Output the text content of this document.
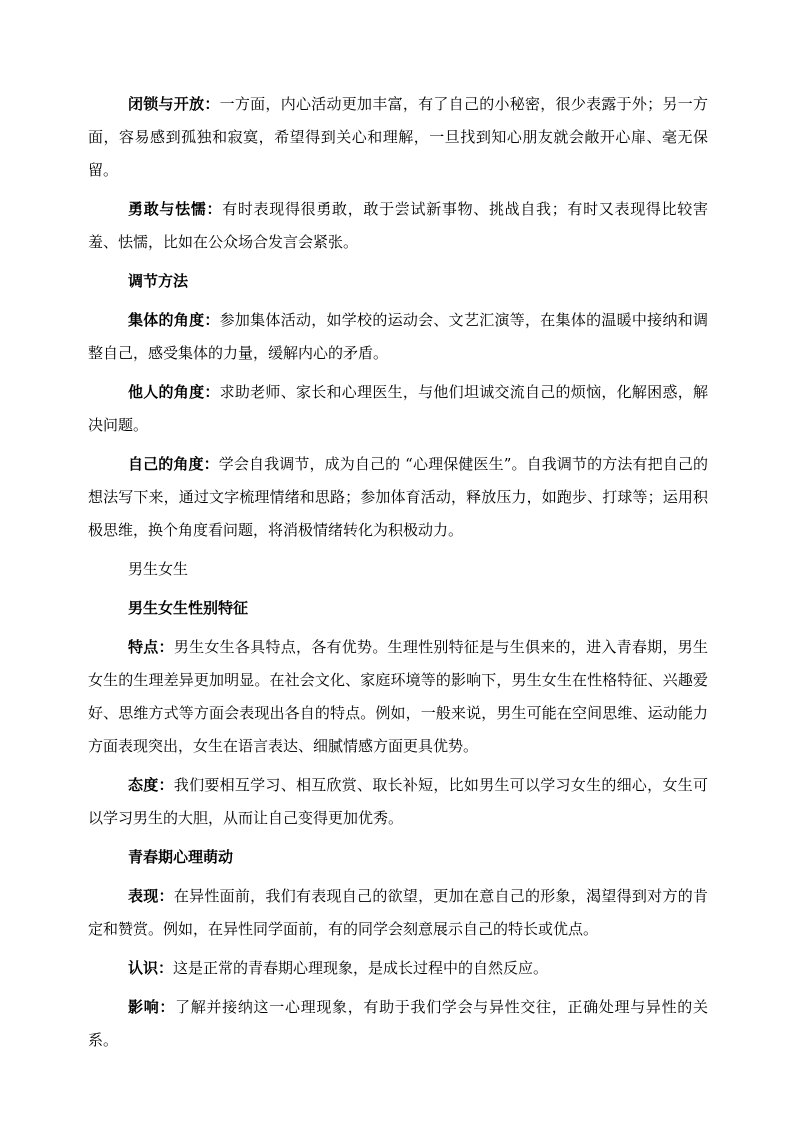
闭锁与开放：一方面，内心活动更加丰富，有了自己的小秘密，很少表露于外；另一方面，容易感到孤独和寂寞，希望得到关心和理解，一旦找到知心朋友就会敞开心扉、毫无保留。

勇敢与怯懦：有时表现得很勇敢，敢于尝试新事物、挑战自我；有时又表现得比较害羞、怯懦，比如在公众场合发言会紧张。

调节方法

集体的角度：参加集体活动，如学校的运动会、文艺汇演等，在集体的温暖中接纳和调整自己，感受集体的力量，缓解内心的矛盾。

他人的角度：求助老师、家长和心理医生，与他们坦诚交流自己的烦恼，化解困惑，解决问题。

自己的角度：学会自我调节，成为自己的 “心理保健医生”。自我调节的方法有把自己的想法写下来，通过文字梳理情绪和思路；参加体育活动，释放压力，如跑步、打球等；运用积极思维，换个角度看问题，将消极情绪转化为积极动力。

男生女生

男生女生性别特征

特点：男生女生各具特点，各有优势。生理性别特征是与生俱来的，进入青春期，男生女生的生理差异更加明显。在社会文化、家庭环境等的影响下，男生女生在性格特征、兴趣爱好、思维方式等方面会表现出各自的特点。例如，一般来说，男生可能在空间思维、运动能力方面表现突出，女生在语言表达、细腻情感方面更具优势。

态度：我们要相互学习、相互欣赏、取长补短，比如男生可以学习女生的细心，女生可以学习男生的大胆，从而让自己变得更加优秀。

青春期心理萌动

表现：在异性面前，我们有表现自己的欲望，更加在意自己的形象，渴望得到对方的肯定和赞赏。例如，在异性同学面前，有的同学会刻意展示自己的特长或优点。

认识：这是正常的青春期心理现象，是成长过程中的自然反应。

影响：了解并接纳这一心理现象，有助于我们学会与异性交往，正确处理与异性的关系。
